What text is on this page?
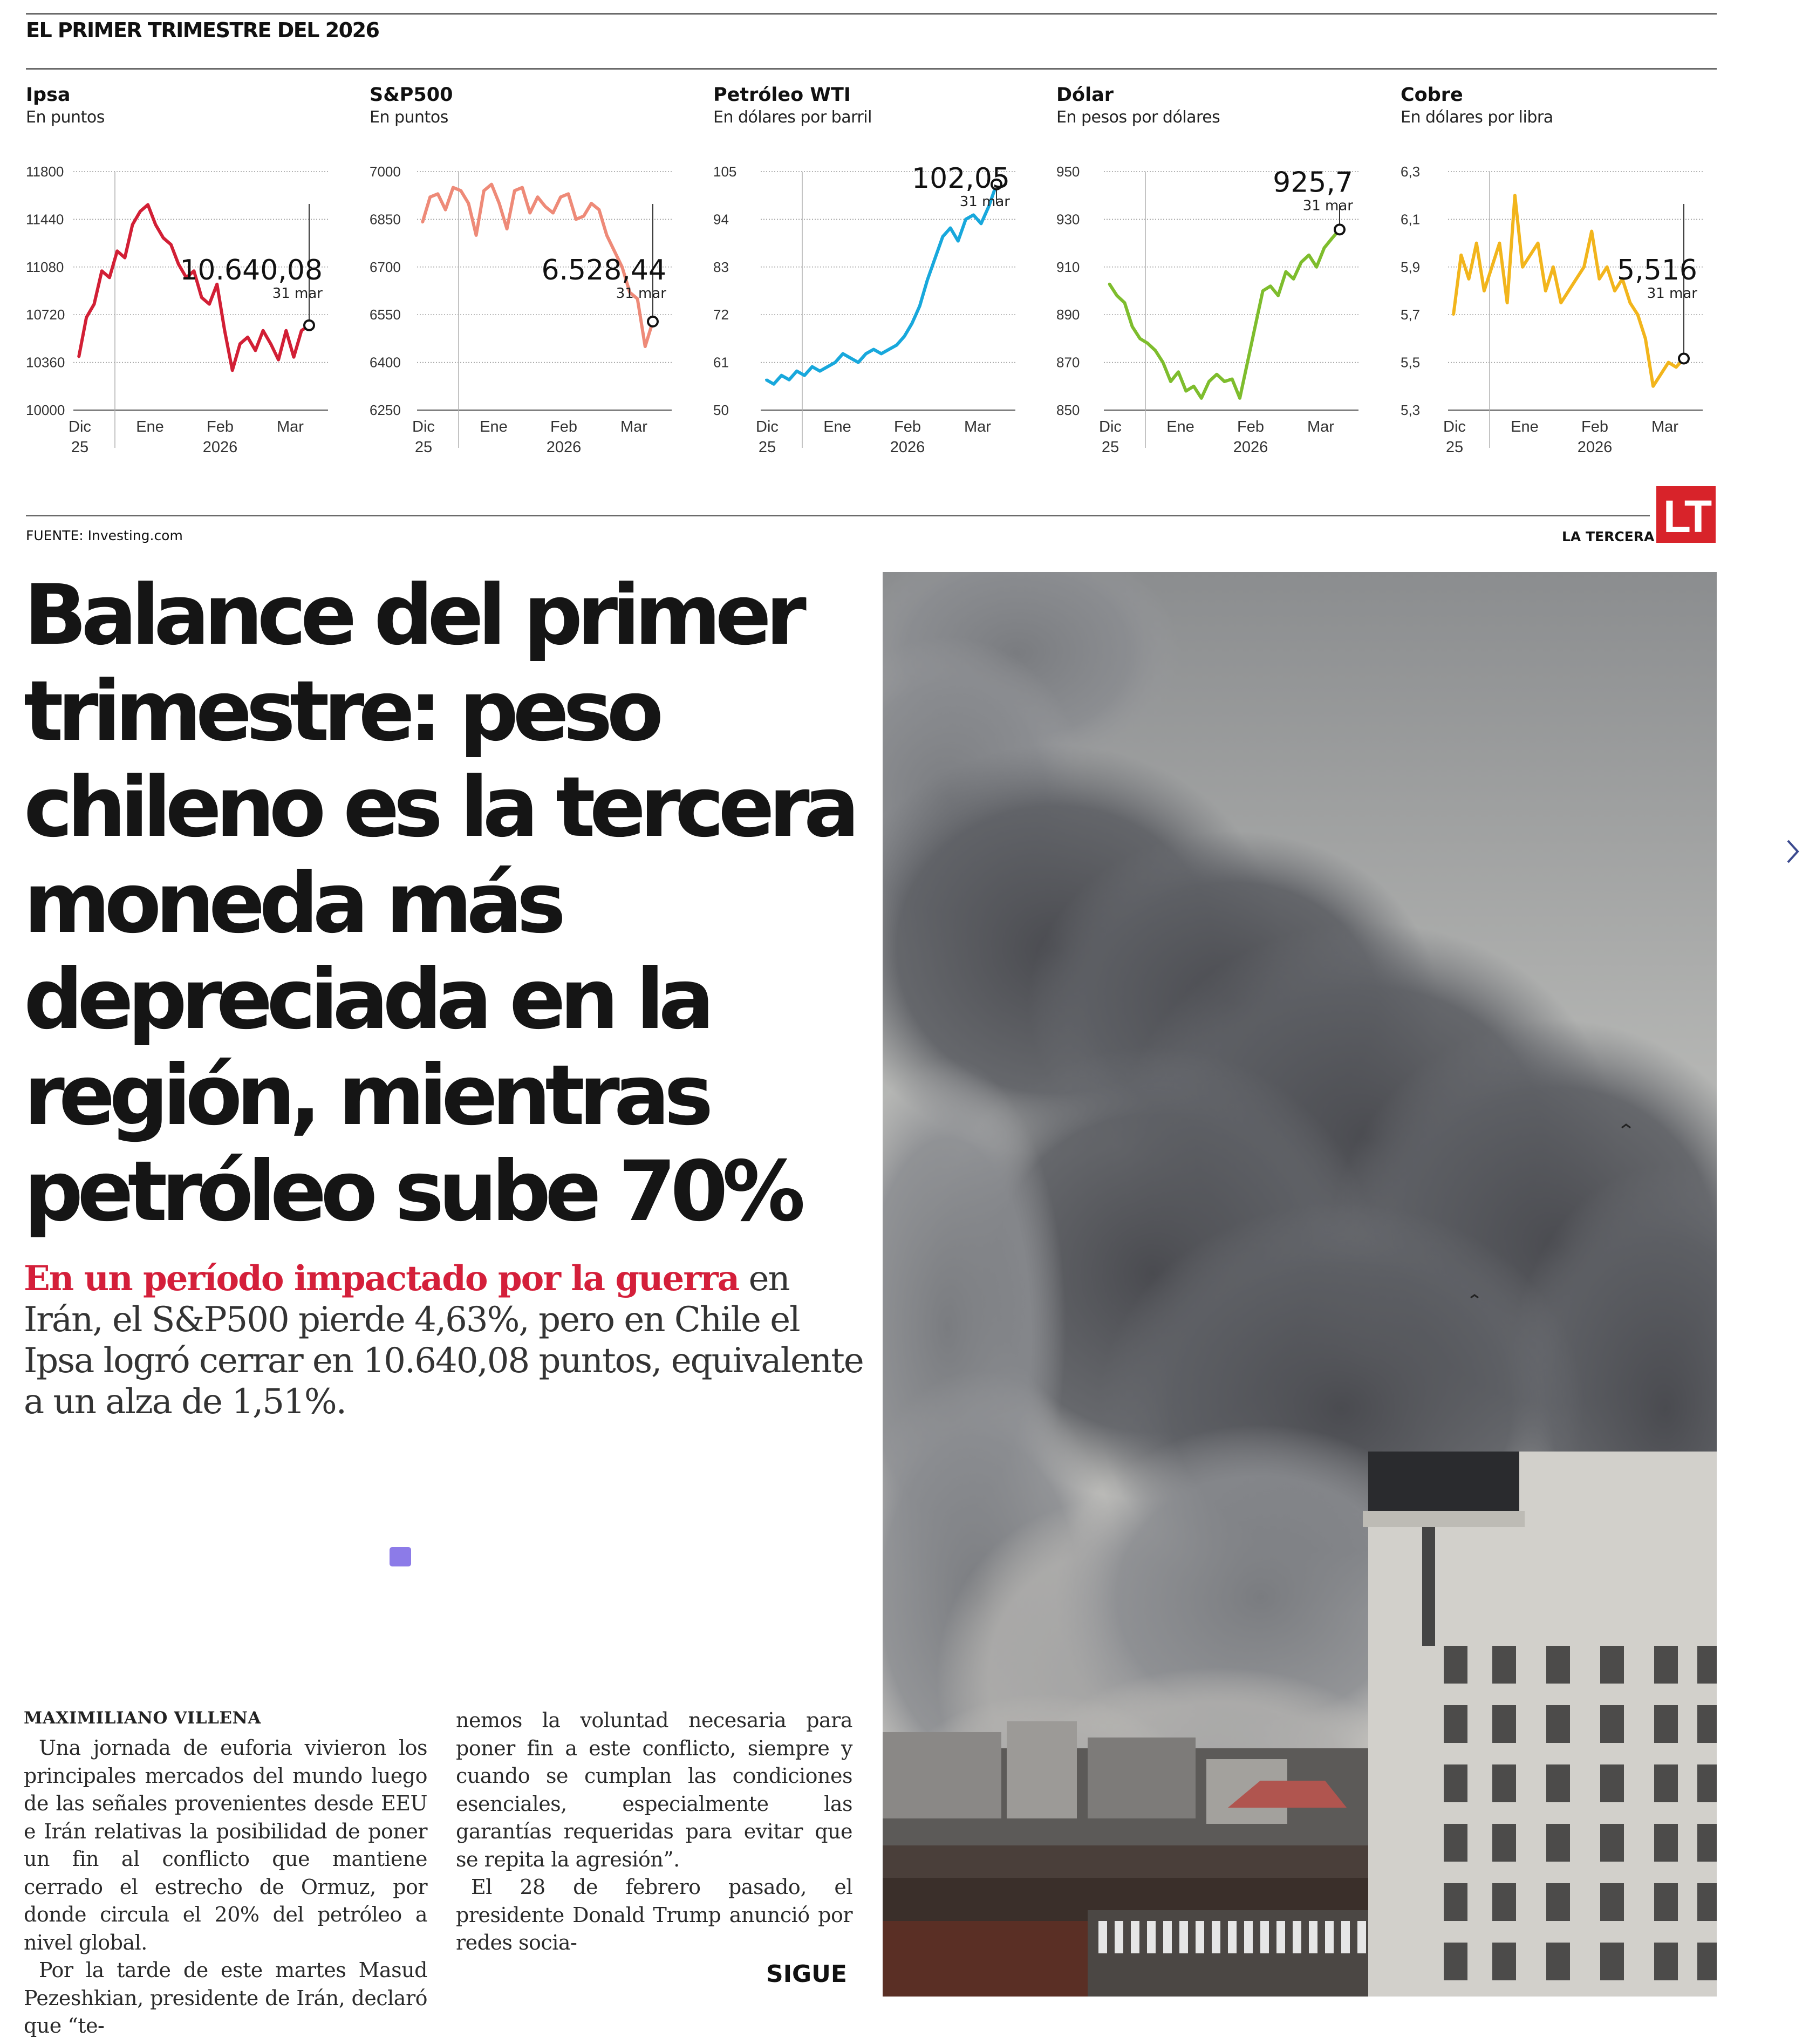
EL PRIMER TRIMESTRE DEL 2026
Ipsa
En puntos
11800
11440
11080
10720
10360
10000
Dic
25
Ene	Feb
2026
Mar
10.640,08
31 mar
S&P500
En puntos
7000
6850
6700
6550
6400
6250
Dic
25
Ene	Feb
2026
Mar
6.528,44
31 mar
Petróleo WTI
En dólares por barril
105
94
83
72
61
50
Dic
25
Ene	Feb
2026
Mar
102,05
31 mar
Dólar
En pesos por dólares
950
930
910
890
870
850
Dic
25
Ene	Feb
2026
Mar
925,7
31 mar
Cobre
En dólares por libra
6,3
6,1
5,9
5,7
5,5
5,3
Dic
25
Ene	Feb
2026
Mar
5,516
31 mar
FUENTE: Investing.com	LA TERCERA LT
Balance del primer trimestre: peso chileno es la tercera moneda más depreciada en la región, mientras petróleo sube 70%

En un período impactado por la guerra en Irán, el S&P500 pierde 4,63%, pero en Chile el Ipsa logró cerrar en 10.640,08 puntos, equivalente a un alza de 1,51%.

MAXIMILIANO VILLENA

Una jornada de euforia vivieron los principales mercados del mundo luego de las señales provenientes desde EEU e Irán relativas la posibilidad de poner un fin al conflicto que mantiene cerrado el estrecho de Ormuz, por donde circula el 20% del petróleo a nivel global.

Por la tarde de este martes Masud Pezeshkian, presidente de Irán, declaró que “te-

nemos la voluntad necesaria para poner fin a este conflicto, siempre y cuando se cumplan las condiciones esenciales, especialmente las garantías requeridas para evitar que se repita la agresión”.

El 28 de febrero pasado, el presidente Donald Trump anunció por redes socia-

SIGUE
